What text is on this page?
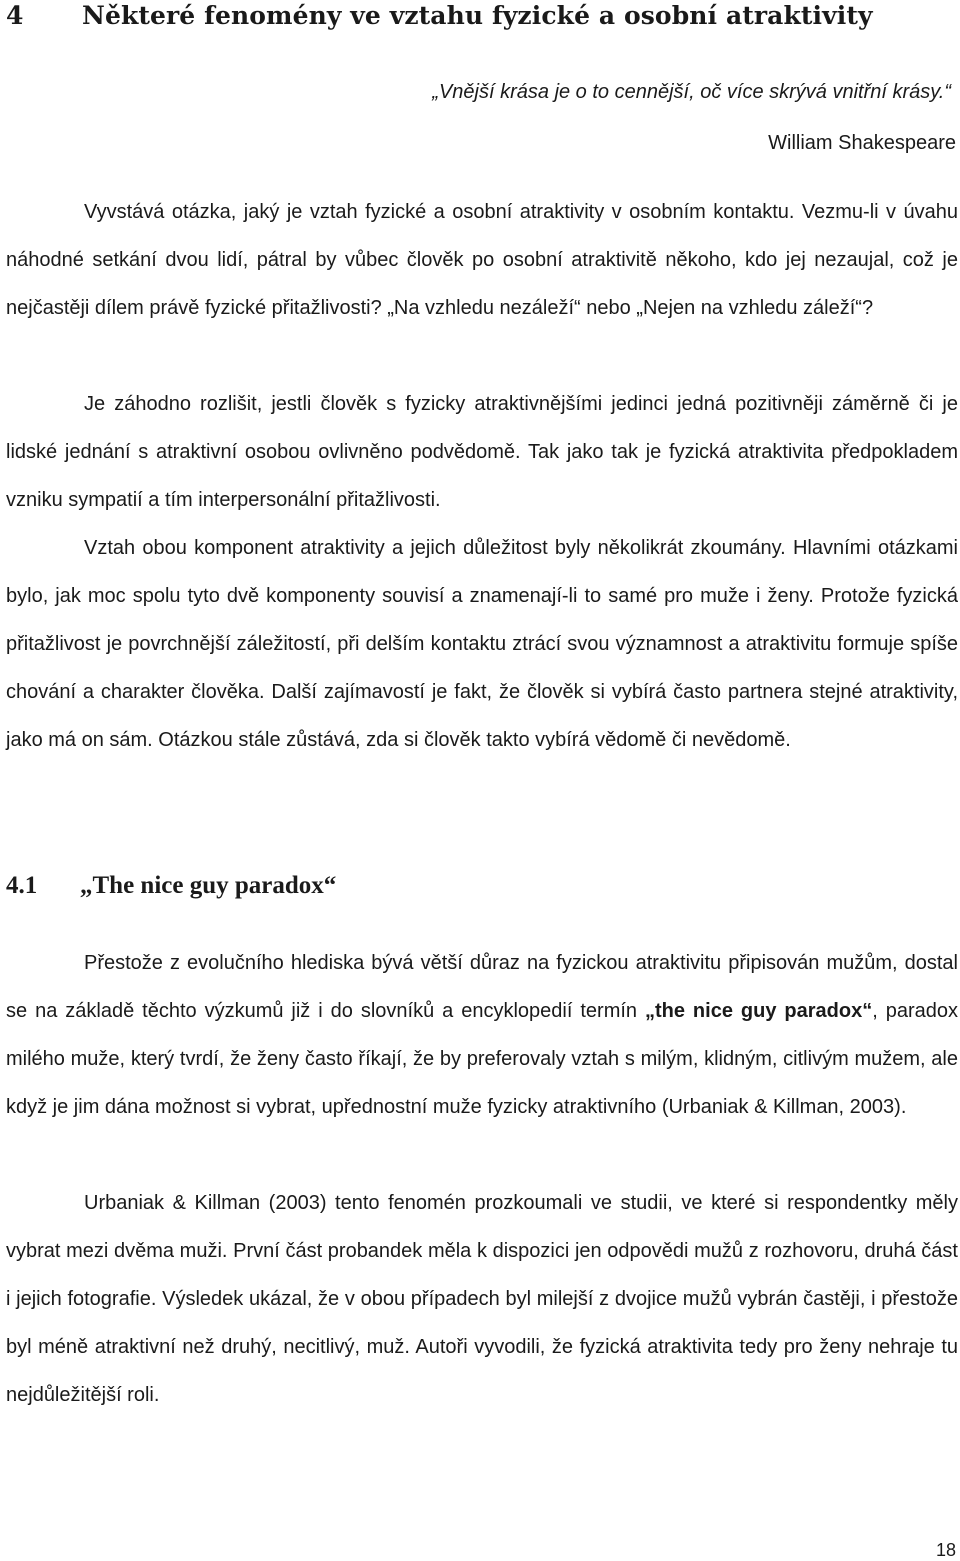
4 Některé fenomény ve vztahu fyzické a osobní atraktivity

„Vnější krása je o to cennější, oč více skrývá vnitřní krásy.“

William Shakespeare

Vyvstává otázka, jaký je vztah fyzické a osobní atraktivity v osobním kontaktu. Vezmu-li v úvahu náhodné setkání dvou lidí, pátral by vůbec člověk po osobní atraktivitě někoho, kdo jej nezaujal, což je nejčastěji dílem právě fyzické přitažlivosti? „Na vzhledu nezáleží“ nebo „Nejen na vzhledu záleží“?

Je záhodno rozlišit, jestli člověk s fyzicky atraktivnějšími jedinci jedná pozitivněji záměrně či je lidské jednání s atraktivní osobou ovlivněno podvědomě. Tak jako tak je fyzická atraktivita předpokladem vzniku sympatií a tím interpersonální přitažlivosti.

Vztah obou komponent atraktivity a jejich důležitost byly několikrát zkoumány. Hlavními otázkami bylo, jak moc spolu tyto dvě komponenty souvisí a znamenají-li to samé pro muže i ženy. Protože fyzická přitažlivost je povrchnější záležitostí, při delším kontaktu ztrácí svou významnost a atraktivitu formuje spíše chování a charakter člověka. Další zajímavostí je fakt, že člověk si vybírá často partnera stejné atraktivity, jako má on sám. Otázkou stále zůstává, zda si člověk takto vybírá vědomě či nevědomě.

4.1 „The nice guy paradox“

Přestože z evolučního hlediska bývá větší důraz na fyzickou atraktivitu připisován mužům, dostal se na základě těchto výzkumů již i do slovníků a encyklopedií termín „the nice guy paradox“, paradox milého muže, který tvrdí, že ženy často říkají, že by preferovaly vztah s milým, klidným, citlivým mužem, ale když je jim dána možnost si vybrat, upřednostní muže fyzicky atraktivního (Urbaniak & Killman, 2003).

Urbaniak & Killman (2003) tento fenomén prozkoumali ve studii, ve které si respondentky měly vybrat mezi dvěma muži. První část probandek měla k dispozici jen odpovědi mužů z rozhovoru, druhá část i jejich fotografie. Výsledek ukázal, že v obou případech byl milejší z dvojice mužů vybrán častěji, i přestože byl méně atraktivní než druhý, necitlivý, muž. Autoři vyvodili, že fyzická atraktivita tedy pro ženy nehraje tu nejdůležitější roli.

18
